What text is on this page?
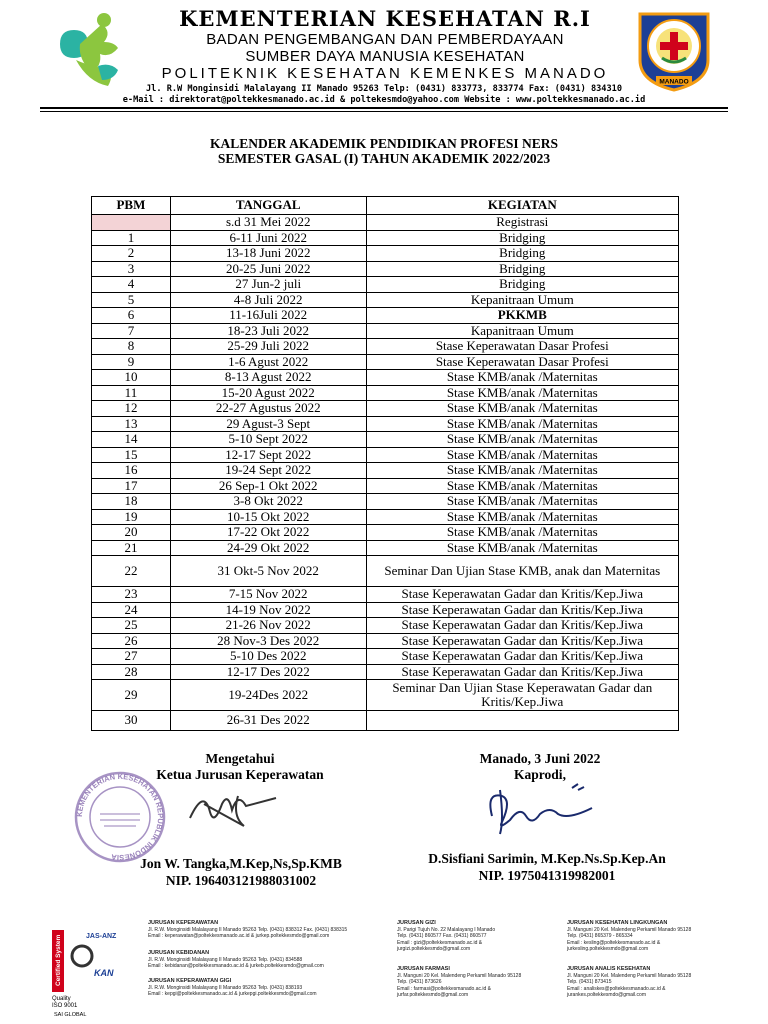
KEMENTERIAN KESEHATAN R.I
BADAN PENGEMBANGAN DAN PEMBERDAYAAN
SUMBER DAYA MANUSIA KESEHATAN
POLITEKNIK KESEHATAN KEMENKES MANADO	MANADO
Jl. R.W Monginsidi Malalayang II Manado 95263 Telp: (0431) 833773, 833774 Fax: (0431) 834310
e-Mail : direktorat@poltekkesmanado.ac.id & poltekesmdo@yahoo.com Website : www.poltekkesmanado.ac.id
KALENDER AKADEMIK PENDIDIKAN PROFESI NERS
SEMESTER GASAL (I) TAHUN AKADEMIK 2022/2023
PBM	TANGGAL	KEGIATAN
	s.d 31 Mei 2022	Registrasi
1	6-11 Juni 2022	Bridging
2	13-18 Juni 2022	Bridging
3	20-25 Juni 2022	Bridging
4	27 Jun-2 juli	Bridging
5	4-8 Juli 2022	Kepanitraan Umum
6	11-16Juli 2022	PKKMB
7	18-23 Juli 2022	Kapanitraan Umum
8	25-29 Juli 2022	Stase Keperawatan Dasar Profesi
9	1-6 Agust 2022	Stase Keperawatan Dasar Profesi
10	8-13 Agust 2022	Stase KMB/anak /Maternitas
11	15-20 Agust 2022	Stase KMB/anak /Maternitas
12	22-27 Agustus 2022	Stase KMB/anak /Maternitas
13	29 Agust-3 Sept	Stase KMB/anak /Maternitas
14	5-10 Sept 2022	Stase KMB/anak /Maternitas
15	12-17 Sept 2022	Stase KMB/anak /Maternitas
16	19-24 Sept 2022	Stase KMB/anak /Maternitas
17	26 Sep-1 Okt 2022	Stase KMB/anak /Maternitas
18	3-8 Okt 2022	Stase KMB/anak /Maternitas
19	10-15 Okt 2022	Stase KMB/anak /Maternitas
20	17-22 Okt 2022	Stase KMB/anak /Maternitas
21	24-29 Okt 2022	Stase KMB/anak /Maternitas
22	31 Okt-5 Nov 2022	Seminar Dan Ujian Stase KMB, anak dan Maternitas
23	7-15 Nov 2022	Stase Keperawatan Gadar dan Kritis/Kep.Jiwa
24	14-19 Nov 2022	Stase Keperawatan Gadar dan Kritis/Kep.Jiwa
25	21-26 Nov 2022	Stase Keperawatan Gadar dan Kritis/Kep.Jiwa
26	28 Nov-3 Des 2022	Stase Keperawatan Gadar dan Kritis/Kep.Jiwa
27	5-10 Des 2022	Stase Keperawatan Gadar dan Kritis/Kep.Jiwa
28	12-17 Des 2022	Stase Keperawatan Gadar dan Kritis/Kep.Jiwa
29	19-24Des 2022	Seminar Dan Ujian Stase Keperawatan Gadar dan Kritis/Kep.Jiwa
30	26-31 Des 2022	
Mengetahui
Ketua Jurusan Keperawatan
KEMENTERIAN KESEHATAN REPUBLIK INDONESIA	Jon W. Tangka,M.Kep,Ns,Sp.KMB
NIP. 196403121988031002
Manado, 3 Juni 2022
Kaprodi,
D.Sisfiani Sarimin, M.Kep.Ns.Sp.Kep.An
NIP. 1975041319982001
Certified System	JAS-ANZ
KAN
Quality
ISO 9001
SAI GLOBAL
JURUSAN KEPERAWATAN
Jl. R.W. Monginsidi Malalayang II Manado 95263 Telp. (0431) 838312 Fax. (0431) 838315
Email : keperawatan@poltekkesmanado.ac.id & jurkep.poltekkesmdo@gmail.com
JURUSAN KEBIDANAN
Jl. R.W. Monginsidi Malalayang II Manado 95263 Telp. (0431) 834588
Email : kebidanan@poltekkesmanado.ac.id & jurkeb.poltekkesmdo@gmail.com
JURUSAN KEPERAWATAN GIGI
Jl. R.W. Monginsidi Malalayang II Manado 95263 Telp. (0431) 838193
Email : kepgi@poltekkesmanado.ac.id & jurkepgi.poltekkesmdo@gmail.com
JURUSAN GIZI
Jl. Parigi Tujuh No. 22 Malalayang I Manado
Telp. (0431) 860577 Fax. (0431) 860577
Email : gizi@poltekkesmanado.ac.id &
jurgizi.poltekkesmdo@gmail.com
JURUSAN FARMASI
Jl. Manguni 20 Kel. Malendeng Perkamil Manado 95128
Telp. (0431) 873626
Email : farmasi@poltekkesmanado.ac.id &
jurfar.poltekkesmdo@gmail.com
JURUSAN KESEHATAN LINGKUNGAN
Jl. Manguni 20 Kel. Malendeng Perkamil Manado 95128
Telp. (0431) 865379 - 865334
Email : kesling@poltekkesmanado.ac.id &
jurkesling.poltekkesmdo@gmail.com
JURUSAN ANALIS KESEHATAN
Jl. Manguni 20 Kel. Malendeng Perkamil Manado 95128
Telp. (0431) 873415
Email : analiskes@poltekkesmanado.ac.id &
jurankes.poltekkesmdo@gmail.com
